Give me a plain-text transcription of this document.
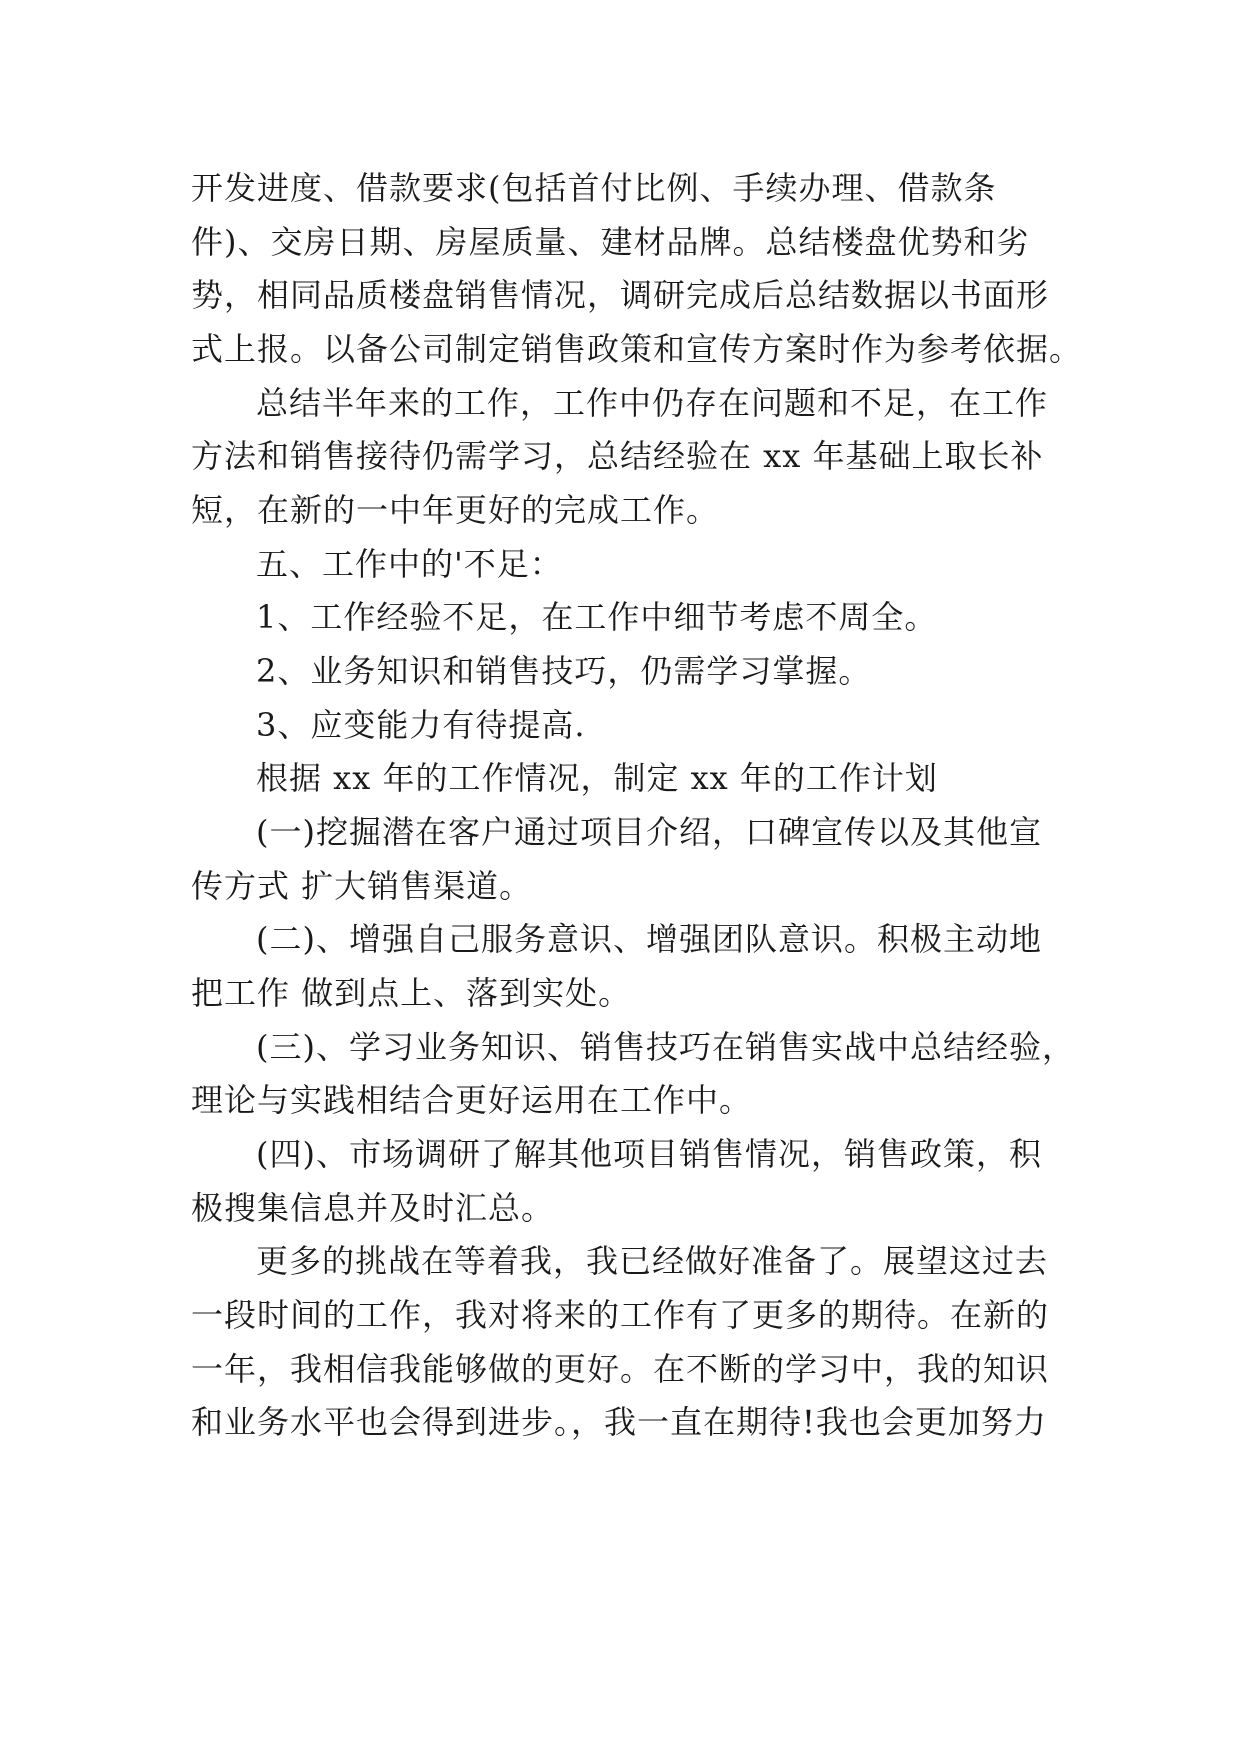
开发进度、借款要求(包括首付比例、手续办理、借款条
件)、交房日期、房屋质量、建材品牌。总结楼盘优势和劣
势，相同品质楼盘销售情况，调研完成后总结数据以书面形
式上报。以备公司制定销售政策和宣传方案时作为参考依据。
总结半年来的工作，工作中仍存在问题和不足，在工作
方法和销售接待仍需学习，总结经验在 xx 年基础上取长补
短，在新的一中年更好的完成工作。
五、工作中的'不足：
1、工作经验不足，在工作中细节考虑不周全。
2、业务知识和销售技巧，仍需学习掌握。
3、应变能力有待提高.
根据 xx 年的工作情况，制定 xx 年的工作计划
(一)挖掘潜在客户通过项目介绍，口碑宣传以及其他宣
传方式 扩大销售渠道。
(二)、增强自己服务意识、增强团队意识。积极主动地
把工作 做到点上、落到实处。
(三)、学习业务知识、销售技巧在销售实战中总结经验，
理论与实践相结合更好运用在工作中。
(四)、市场调研了解其他项目销售情况，销售政策，积
极搜集信息并及时汇总。
更多的挑战在等着我，我已经做好准备了。展望这过去
一段时间的工作，我对将来的工作有了更多的期待。在新的
一年，我相信我能够做的更好。在不断的学习中，我的知识
和业务水平也会得到进步。，我一直在期待!我也会更加努力
